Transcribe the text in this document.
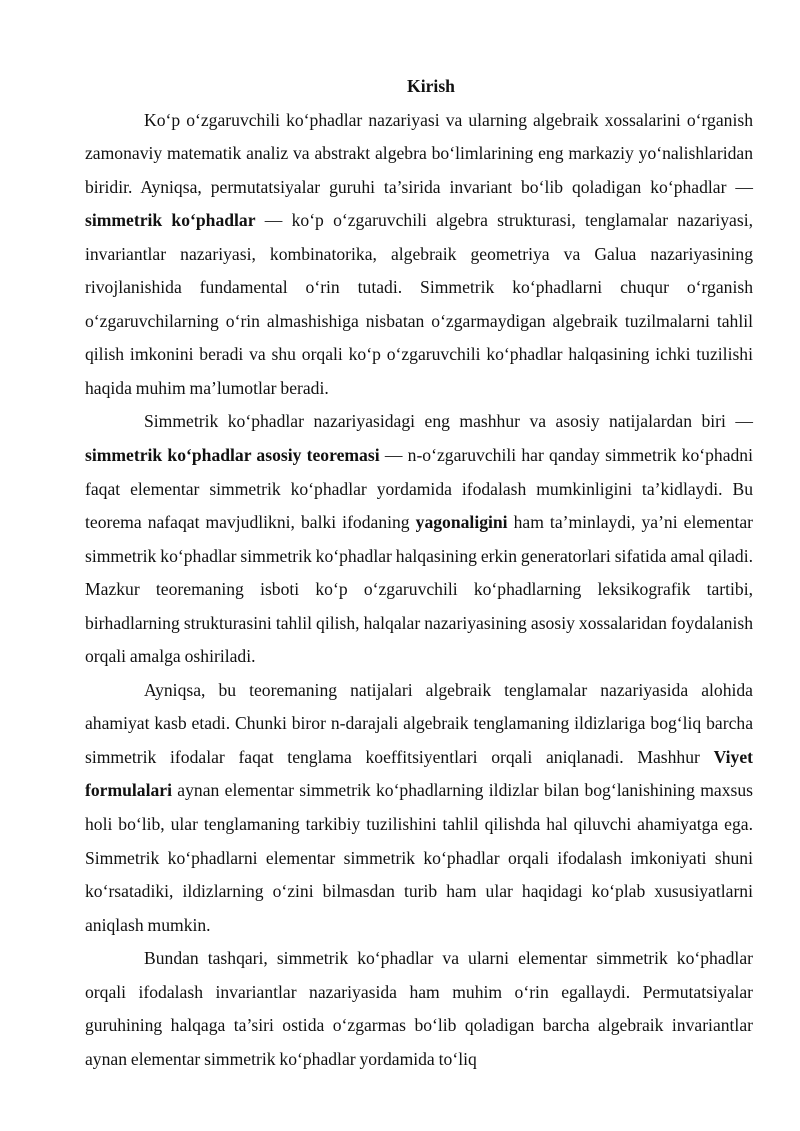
Kirish

Ko‘p o‘zgaruvchili ko‘phadlar nazariyasi va ularning algebraik xossalarini o‘rganish zamonaviy matematik analiz va abstrakt algebra bo‘limlarining eng markaziy yo‘nalishlaridan biridir. Ayniqsa, permutatsiyalar guruhi ta’sirida invariant bo‘lib qoladigan ko‘phadlar — simmetrik ko‘phadlar — ko‘p o‘zgaruvchili algebra strukturasi, tenglamalar nazariyasi, invariantlar nazariyasi, kombinatorika, algebraik geometriya va Galua nazariyasining rivojlanishida fundamental o‘rin tutadi. Simmetrik ko‘phadlarni chuqur o‘rganish o‘zgaruvchilarning o‘rin almashishiga nisbatan o‘zgarmaydigan algebraik tuzilmalarni tahlil qilish imkonini beradi va shu orqali ko‘p o‘zgaruvchili ko‘phadlar halqasining ichki tuzilishi haqida muhim ma’lumotlar beradi.

Simmetrik ko‘phadlar nazariyasidagi eng mashhur va asosiy natijalardan biri — simmetrik ko‘phadlar asosiy teoremasi — n-o‘zgaruvchili har qanday simmetrik ko‘phadni faqat elementar simmetrik ko‘phadlar yordamida ifodalash mumkinligini ta’kidlaydi. Bu teorema nafaqat mavjudlikni, balki ifodaning yagonaligini ham ta’minlaydi, ya’ni elementar simmetrik ko‘phadlar simmetrik ko‘phadlar halqasining erkin generatorlari sifatida amal qiladi. Mazkur teoremaning isboti ko‘p o‘zgaruvchili ko‘phadlarning leksikografik tartibi, birhadlarning strukturasini tahlil qilish, halqalar nazariyasining asosiy xossalaridan foydalanish orqali amalga oshiriladi.

Ayniqsa, bu teoremaning natijalari algebraik tenglamalar nazariyasida alohida ahamiyat kasb etadi. Chunki biror n-darajali algebraik tenglamaning ildizlariga bog‘liq barcha simmetrik ifodalar faqat tenglama koeffitsiyentlari orqali aniqlanadi. Mashhur Viyet formulalari aynan elementar simmetrik ko‘phadlarning ildizlar bilan bog‘lanishining maxsus holi bo‘lib, ular tenglamaning tarkibiy tuzilishini tahlil qilishda hal qiluvchi ahamiyatga ega. Simmetrik ko‘phadlarni elementar simmetrik ko‘phadlar orqali ifodalash imkoniyati shuni ko‘rsatadiki, ildizlarning o‘zini bilmasdan turib ham ular haqidagi ko‘plab xususiyatlarni aniqlash mumkin.

Bundan tashqari, simmetrik ko‘phadlar va ularni elementar simmetrik ko‘phadlar orqali ifodalash invariantlar nazariyasida ham muhim o‘rin egallaydi. Permutatsiyalar guruhining halqaga ta’siri ostida o‘zgarmas bo‘lib qoladigan barcha algebraik invariantlar aynan elementar simmetrik ko‘phadlar yordamida to‘liq
